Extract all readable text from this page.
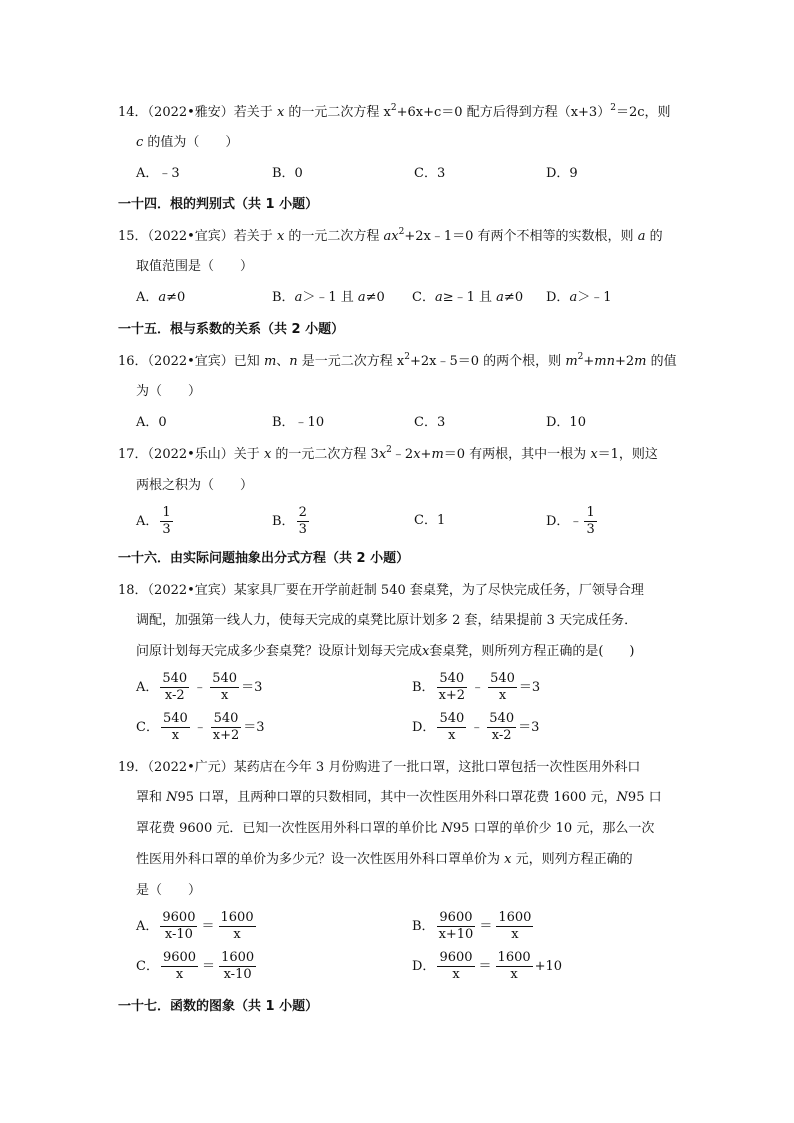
14．（2022•雅安）若关于 x 的一元二次方程 $x^2+6x+c=0$ 配方后得到方程$(x+3)^2=2c$，则
c 的值为（　　）
A．﹣3	B．0	C．3	D．9
一十四．根的判别式（共 1 小题）
15．（2022•宜宾）若关于 x 的一元二次方程 $ax^2+2x﹣1=0$ 有两个不相等的实数根，则 a 的
取值范围是（　　）
A．a≠0	B．a＞﹣1 且 a≠0 C．a≥﹣1 且 a≠0 D．a＞﹣1
一十五．根与系数的关系（共 2 小题）
16．（2022•宜宾）已知 m、n 是一元二次方程 $x^2+2x﹣5=0$ 的两个根，则 $m^2+mn+2m$ 的值
为（　　）
A．0	B．﹣10	C．3	D．10
17．（2022•乐山）关于 x 的一元二次方程 $3x^2﹣2x+m=0$ 有两根，其中一根为 x＝1，则这
两根之积为（　　）
A． $\frac{1}{3}$	B． $\frac{2}{3}$	C．1	D．﹣ $\frac{1}{3}$
一十六．由实际问题抽象出分式方程（共 2 小题）
18．（2022•宜宾）某家具厂要在开学前赶制 540 套桌凳，为了尽快完成任务，厂领导合理
调配，加强第一线人力，使每天完成的桌凳比原计划多 2 套，结果提前 3 天完成任务．
问原计划每天完成多少套桌凳？设原计划每天完成x套桌凳，则所列方程正确的是(　　)
A． $\frac{540}{x-2}$ ﹣ $\frac{540}{x} =3$	B． $\frac{540}{x+2}$ ﹣ $\frac{540}{x} =3$
C． $\frac{540}{x}$ ﹣ $\frac{540}{x+2} =3$	D． $\frac{540}{x}$ ﹣ $\frac{540}{x-2} =3$
19．（2022•广元）某药店在今年 3 月份购进了一批口罩，这批口罩包括一次性医用外科口
罩和 N95 口罩，且两种口罩的只数相同，其中一次性医用外科口罩花费 1600 元，N95 口
罩花费 9600 元．已知一次性医用外科口罩的单价比 N95 口罩的单价少 10 元，那么一次
性医用外科口罩的单价为多少元？设一次性医用外科口罩单价为 x 元，则列方程正确的
是（　　）
A． $\frac{9600}{x-10} = \frac{1600}{x}$	B． $\frac{9600}{x+10} = \frac{1600}{x}$
C． $\frac{9600}{x} = \frac{1600}{x-10}$	D． $\frac{9600}{x} = \frac{1600}{x} +10$
一十七．函数的图象（共 1 小题）
